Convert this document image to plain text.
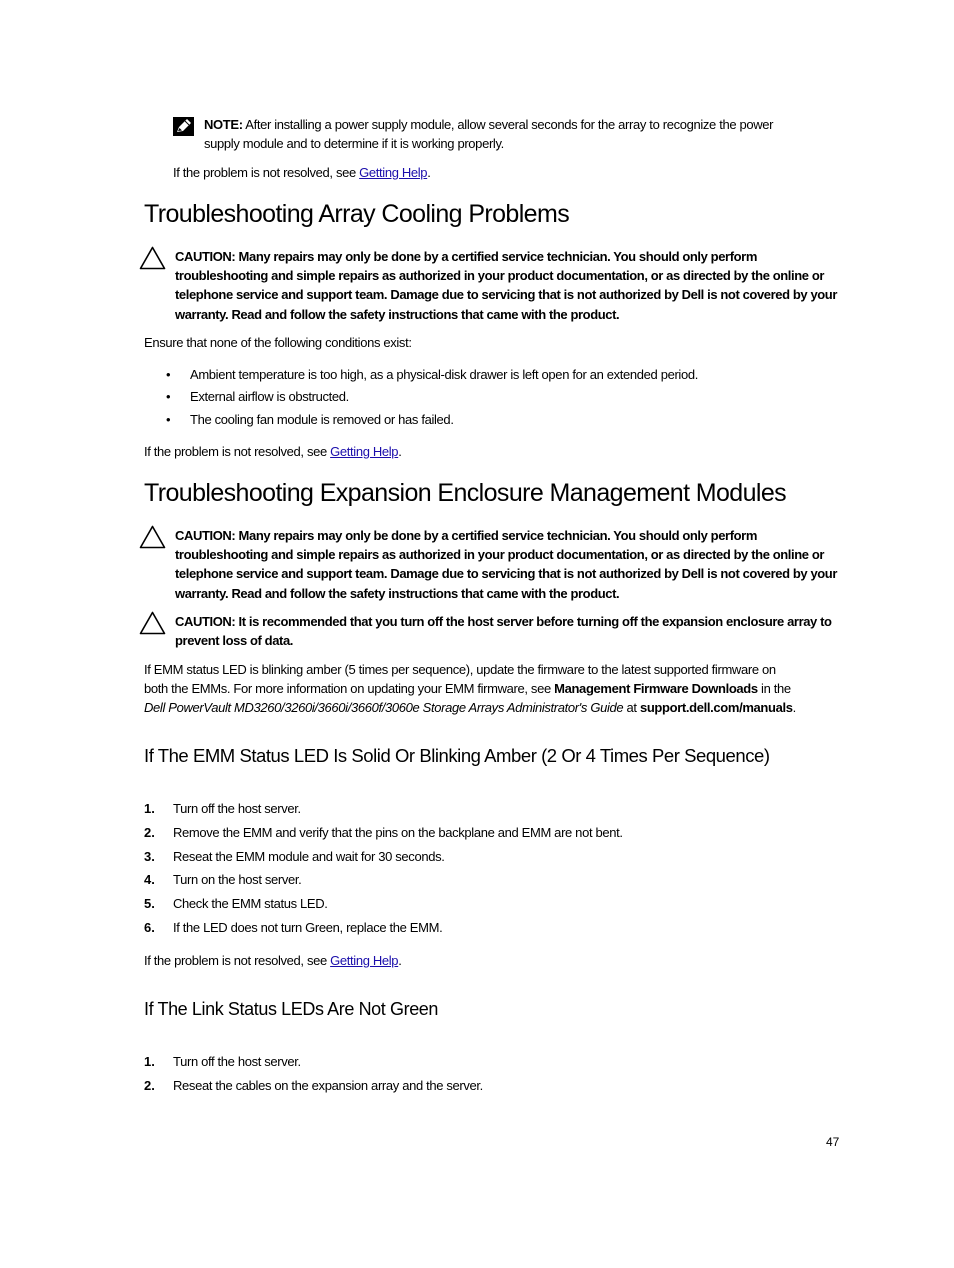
NOTE: After installing a power supply module, allow several seconds for the array to recognize the power
supply module and to determine if it is working properly.
If the problem is not resolved, see Getting Help.
Troubleshooting Array Cooling Problems
CAUTION: Many repairs may only be done by a certified service technician. You should only perform
troubleshooting and simple repairs as authorized in your product documentation, or as directed by the online or
telephone service and support team. Damage due to servicing that is not authorized by Dell is not covered by your
warranty. Read and follow the safety instructions that came with the product.
Ensure that none of the following conditions exist:
• Ambient temperature is too high, as a physical-disk drawer is left open for an extended period.
• External airflow is obstructed.
• The cooling fan module is removed or has failed.
If the problem is not resolved, see Getting Help.
Troubleshooting Expansion Enclosure Management Modules
CAUTION: Many repairs may only be done by a certified service technician. You should only perform
troubleshooting and simple repairs as authorized in your product documentation, or as directed by the online or
telephone service and support team. Damage due to servicing that is not authorized by Dell is not covered by your
warranty. Read and follow the safety instructions that came with the product.
CAUTION: It is recommended that you turn off the host server before turning off the expansion enclosure array to
prevent loss of data.
If EMM status LED is blinking amber (5 times per sequence), update the firmware to the latest supported firmware on
both the EMMs. For more information on updating your EMM firmware, see Management Firmware Downloads in the
Dell PowerVault MD3260/3260i/3660i/3660f/3060e Storage Arrays Administrator's Guide at support.dell.com/manuals.
If The EMM Status LED Is Solid Or Blinking Amber (2 Or 4 Times Per Sequence)
1. Turn off the host server.
2. Remove the EMM and verify that the pins on the backplane and EMM are not bent.
3. Reseat the EMM module and wait for 30 seconds.
4. Turn on the host server.
5. Check the EMM status LED.
6. If the LED does not turn Green, replace the EMM.
If the problem is not resolved, see Getting Help.
If The Link Status LEDs Are Not Green
1. Turn off the host server.
2. Reseat the cables on the expansion array and the server.
47
